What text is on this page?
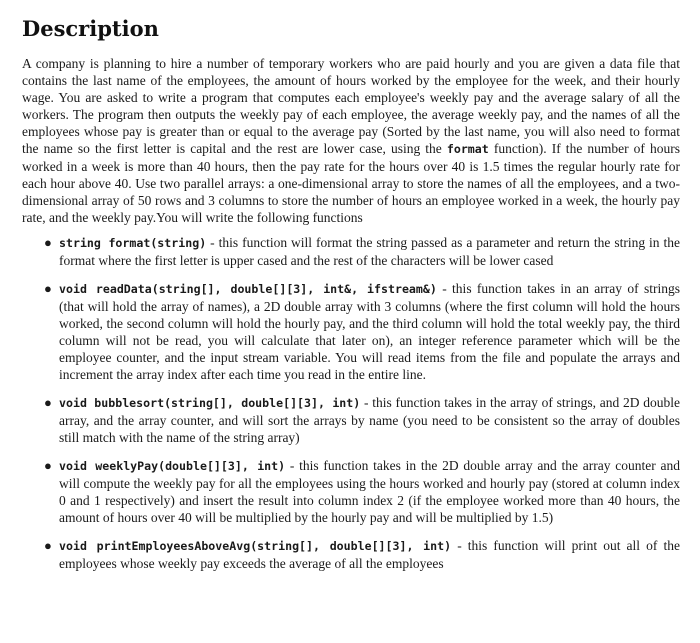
Description

A company is planning to hire a number of temporary workers who are paid hourly and you are given a data file that contains the last name of the employees, the amount of hours worked by the employee for the week, and their hourly wage. You are asked to write a program that computes each employee's weekly pay and the average salary of all the workers. The program then outputs the weekly pay of each employee, the average weekly pay, and the names of all the employees whose pay is greater than or equal to the average pay (Sorted by the last name, you will also need to format the name so the first letter is capital and the rest are lower case, using the format function). If the number of hours worked in a week is more than 40 hours, then the pay rate for the hours over 40 is 1.5 times the regular hourly rate for each hour above 40. Use two parallel arrays: a one-dimensional array to store the names of all the employees, and a two-dimensional array of 50 rows and 3 columns to store the number of hours an employee worked in a week, the hourly pay rate, and the weekly pay.You will write the following functions

● string format(string) - this function will format the string passed as a parameter and return the string in the format where the first letter is upper cased and the rest of the characters will be lower cased
● void readData(string[], double[][3], int&, ifstream&) - this function takes in an array of strings (that will hold the array of names), a 2D double array with 3 columns (where the first column will hold the hours worked, the second column will hold the hourly pay, and the third column will hold the total weekly pay, the third column will not be read, you will calculate that later on), an integer reference parameter which will be the employee counter, and the input stream variable. You will read items from the file and populate the arrays and increment the array index after each time you read in the entire line.
● void bubblesort(string[], double[][3], int) - this function takes in the array of strings, and 2D double array, and the array counter, and will sort the arrays by name (you need to be consistent so the array of doubles still match with the name of the string array)
● void weeklyPay(double[][3], int) - this function takes in the 2D double array and the array counter and will compute the weekly pay for all the employees using the hours worked and hourly pay (stored at column index 0 and 1 respectively) and insert the result into column index 2 (if the employee worked more than 40 hours, the amount of hours over 40 will be multiplied by the hourly pay and will be multiplied by 1.5)
● void printEmployeesAboveAvg(string[], double[][3], int) - this function will print out all of the employees whose weekly pay exceeds the average of all the employees
